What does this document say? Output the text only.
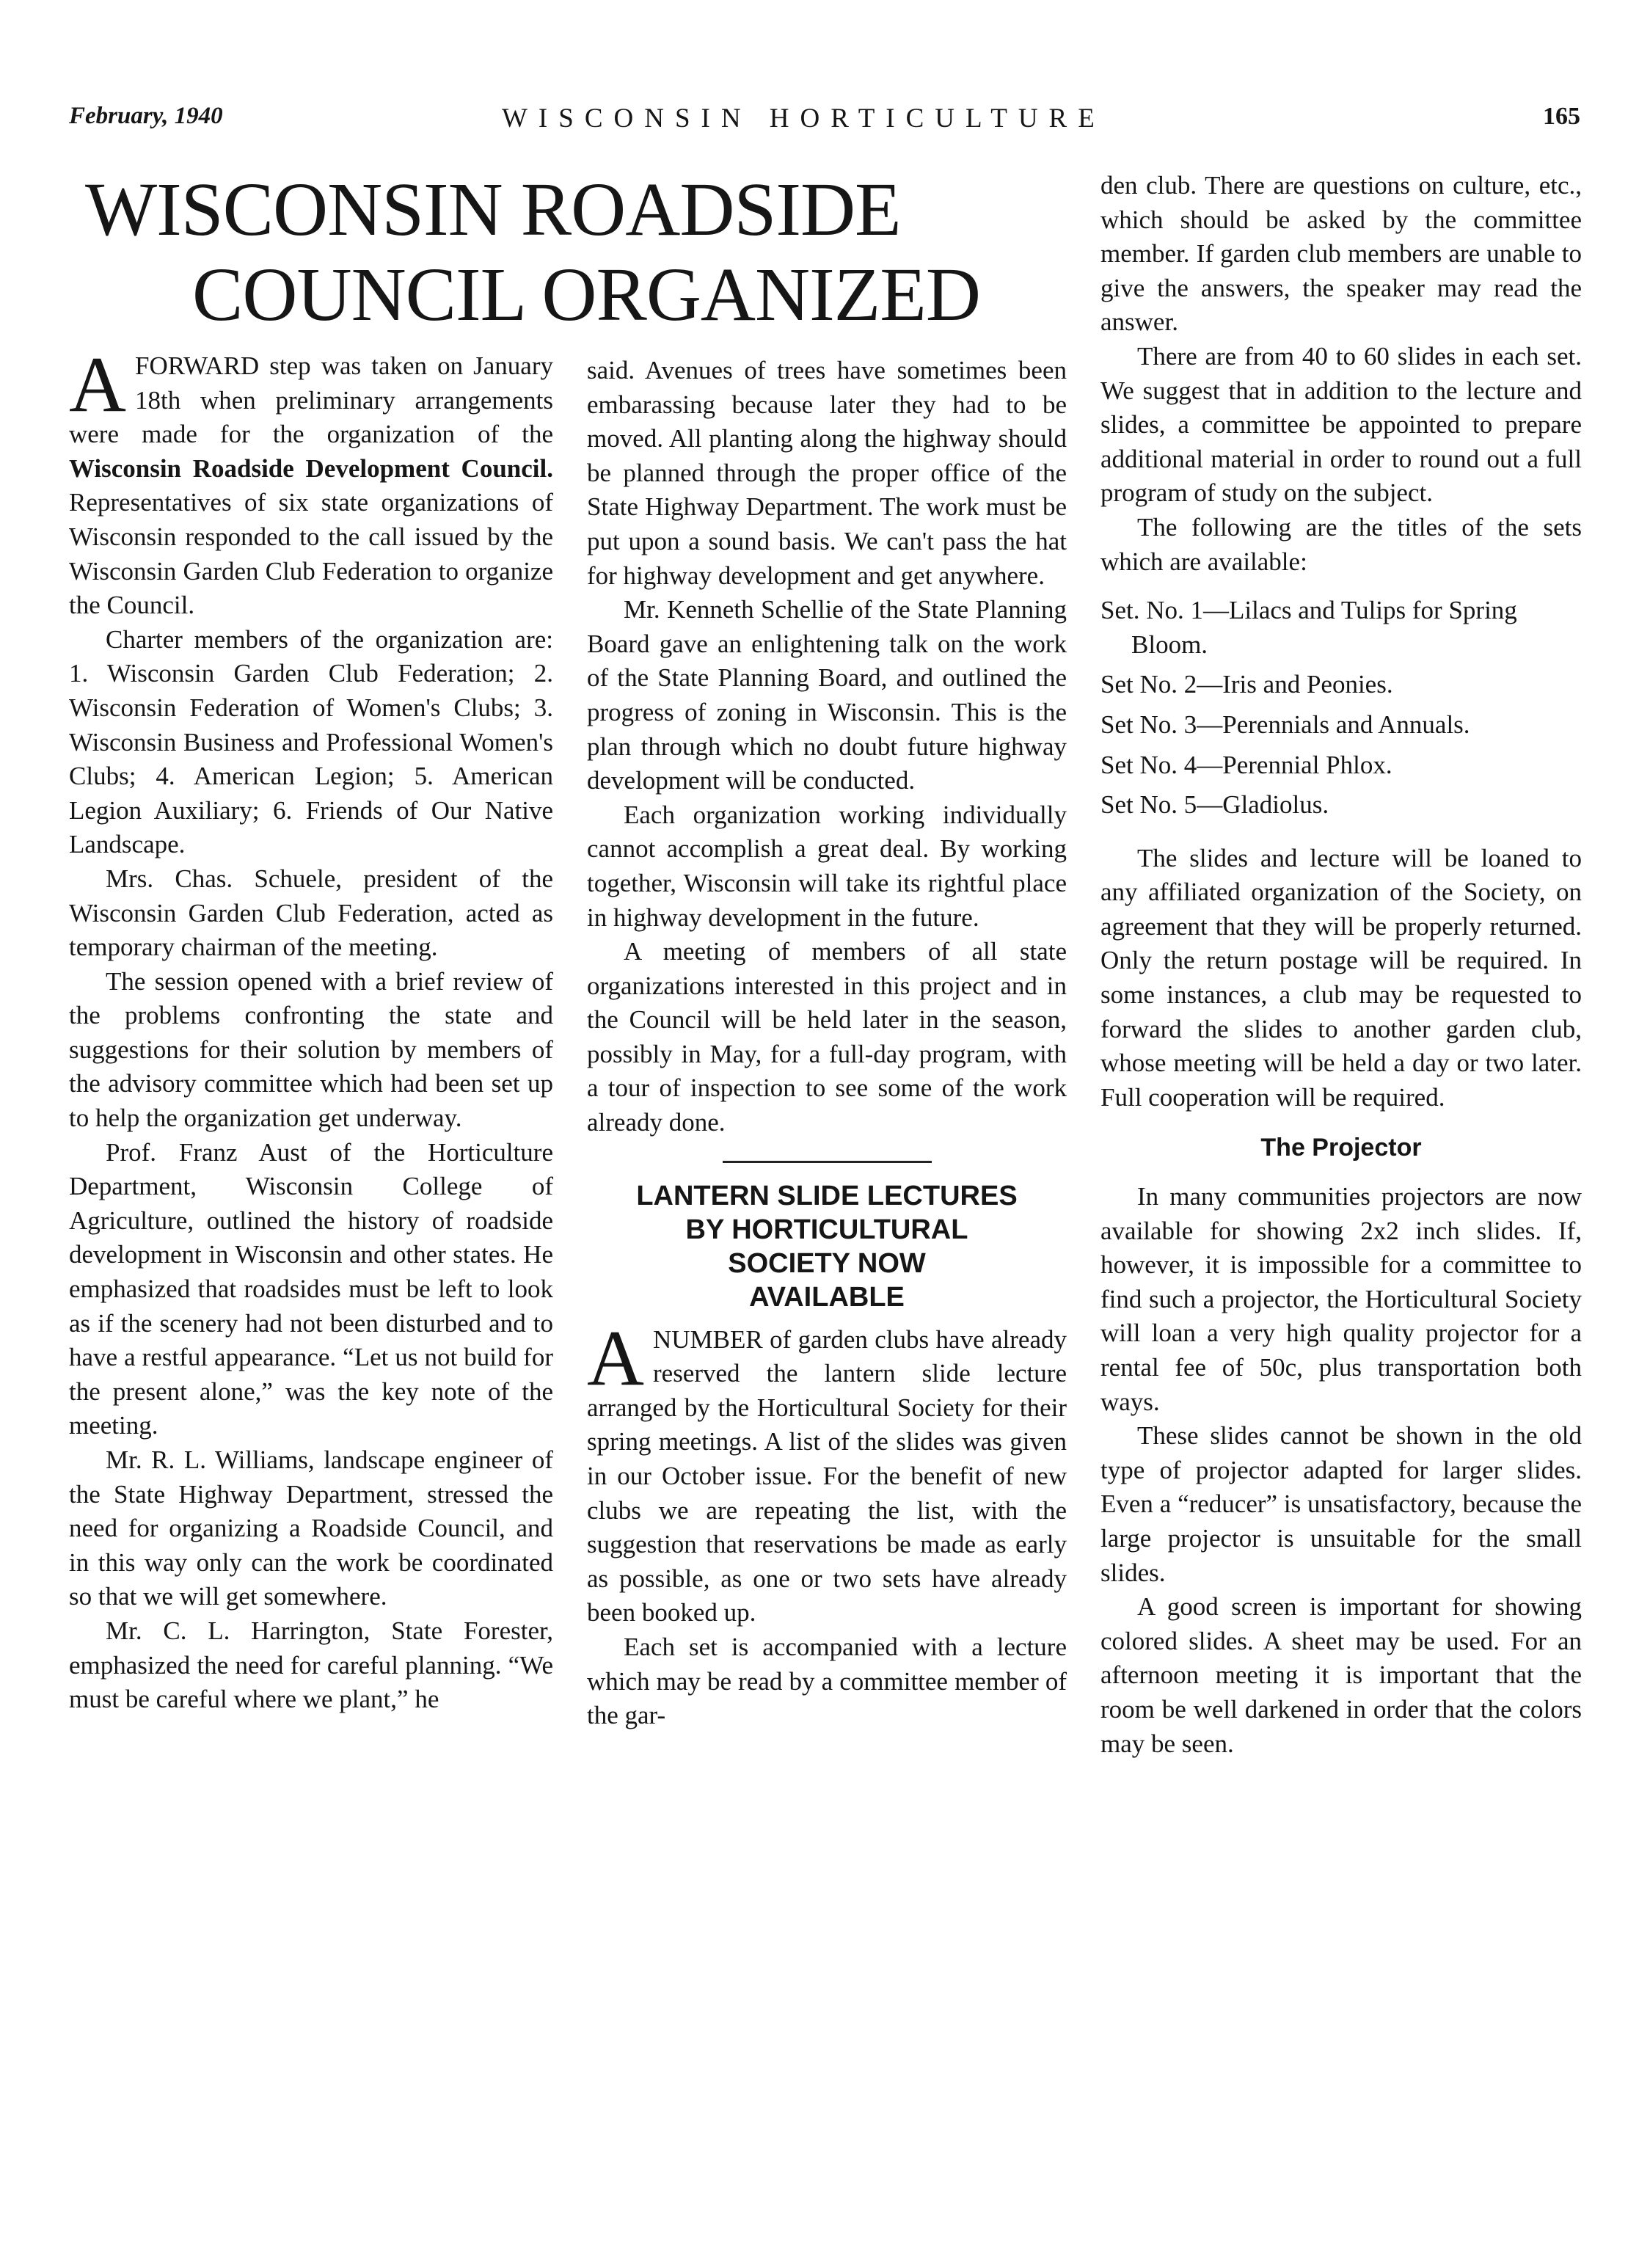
February, 1940	WISCONSIN HORTICULTURE	165
WISCONSIN ROADSIDE
COUNCIL ORGANIZED

AFORWARD step was taken on January 18th when preliminary arrangements were made for the organization of the Wisconsin Roadside Development Council. Representatives of six state organizations of Wisconsin responded to the call issued by the Wisconsin Garden Club Federation to organize the Council.

Charter members of the organization are: 1. Wisconsin Garden Club Federation; 2. Wisconsin Federation of Women's Clubs; 3. Wisconsin Business and Professional Women's Clubs; 4. American Legion; 5. American Legion Auxiliary; 6. Friends of Our Native Landscape.

Mrs. Chas. Schuele, president of the Wisconsin Garden Club Federation, acted as temporary chairman of the meeting.

The session opened with a brief review of the problems confronting the state and suggestions for their solution by members of the advisory committee which had been set up to help the organization get underway.

Prof. Franz Aust of the Horticulture Department, Wisconsin College of Agriculture, outlined the history of roadside development in Wisconsin and other states. He emphasized that roadsides must be left to look as if the scenery had not been disturbed and to have a restful appearance. “Let us not build for the present alone,” was the key note of the meeting.

Mr. R. L. Williams, landscape engineer of the State Highway Department, stressed the need for organizing a Roadside Council, and in this way only can the work be coordinated so that we will get somewhere.

Mr. C. L. Harrington, State Forester, emphasized the need for careful planning. “We must be careful where we plant,” he

said. Avenues of trees have sometimes been embarassing because later they had to be moved. All planting along the highway should be planned through the proper office of the State Highway Department. The work must be put upon a sound basis. We can't pass the hat for highway development and get anywhere.

Mr. Kenneth Schellie of the State Planning Board gave an enlightening talk on the work of the State Planning Board, and outlined the progress of zoning in Wisconsin. This is the plan through which no doubt future highway development will be conducted.

Each organization working individually cannot accomplish a great deal. By working together, Wisconsin will take its rightful place in highway development in the future.

A meeting of members of all state organizations interested in this project and in the Council will be held later in the season, possibly in May, for a full-day program, with a tour of inspection to see some of the work already done.

LANTERN SLIDE LECTURES
BY HORTICULTURAL
SOCIETY NOW
AVAILABLE

ANUMBER of garden clubs have already reserved the lantern slide lecture arranged by the Horticultural Society for their spring meetings. A list of the slides was given in our October issue. For the benefit of new clubs we are repeating the list, with the suggestion that reservations be made as early as possible, as one or two sets have already been booked up.

Each set is accompanied with a lecture which may be read by a committee member of the gar-

den club. There are questions on culture, etc., which should be asked by the committee member. If garden club members are unable to give the answers, the speaker may read the answer.

There are from 40 to 60 slides in each set. We suggest that in addition to the lecture and slides, a committee be appointed to prepare additional material in order to round out a full program of study on the subject.

The following are the titles of the sets which are available:

Set. No. 1—Lilacs and Tulips for Spring Bloom.
Set No. 2—Iris and Peonies.
Set No. 3—Perennials and Annuals.
Set No. 4—Perennial Phlox.
Set No. 5—Gladiolus.

The slides and lecture will be loaned to any affiliated organization of the Society, on agreement that they will be properly returned. Only the return postage will be required. In some instances, a club may be requested to forward the slides to another garden club, whose meeting will be held a day or two later. Full cooperation will be required.

The Projector

In many communities projectors are now available for showing 2x2 inch slides. If, however, it is impossible for a committee to find such a projector, the Horticultural Society will loan a very high quality projector for a rental fee of 50c, plus transportation both ways.

These slides cannot be shown in the old type of projector adapted for larger slides. Even a “reducer” is unsatisfactory, because the large projector is unsuitable for the small slides.

A good screen is important for showing colored slides. A sheet may be used. For an afternoon meeting it is important that the room be well darkened in order that the colors may be seen.
